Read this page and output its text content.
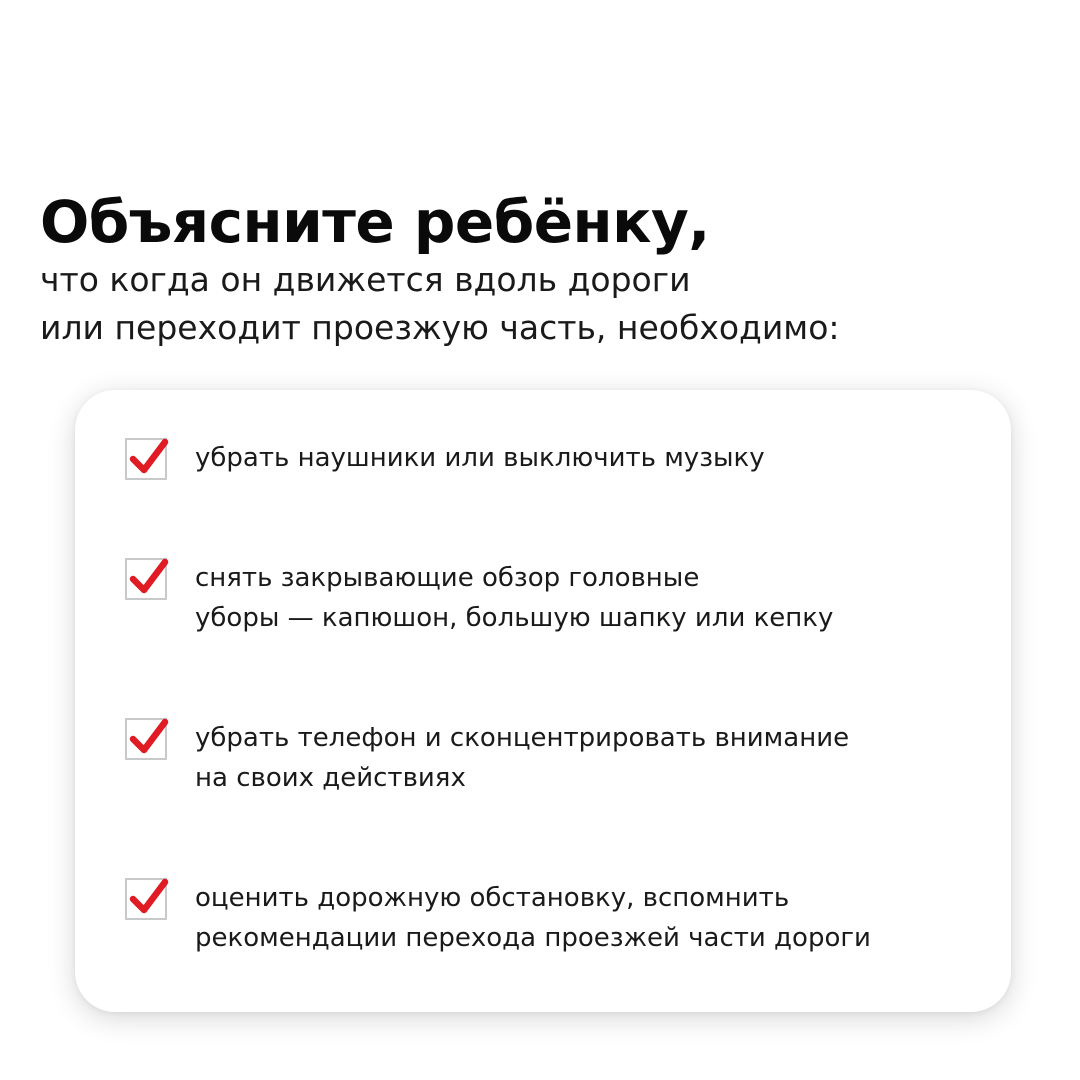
Объясните ребёнку,

что когда он движется вдоль дороги
или переходит проезжую часть, необходимо:

убрать наушники или выключить музыку
снять закрывающие обзор головные
уборы — капюшон, большую шапку или кепку
убрать телефон и сконцентрировать внимание
на своих действиях
оценить дорожную обстановку, вспомнить
рекомендации перехода проезжей части дороги
